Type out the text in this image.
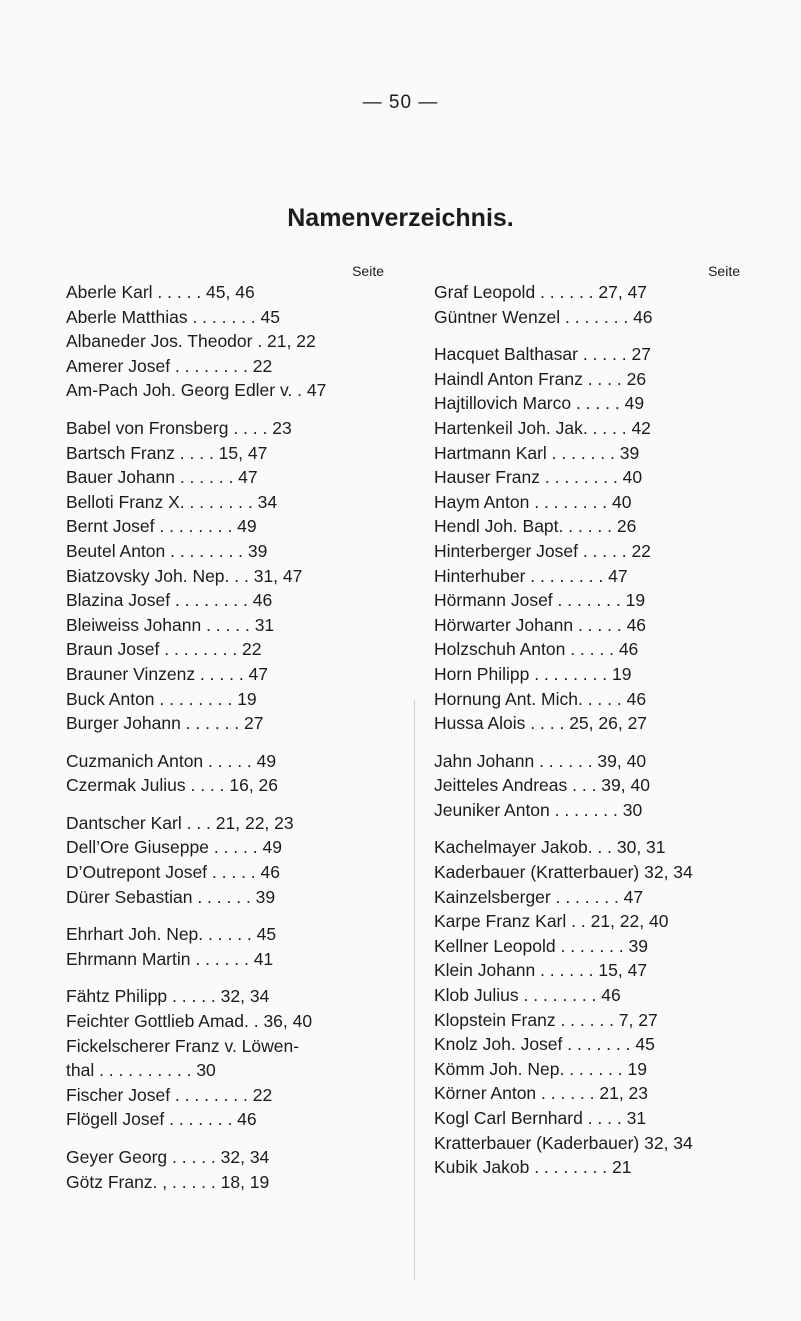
— 50 —
Namenverzeichnis.
Seite
Aberle Karl . . . . . 45, 46
Aberle Matthias . . . . . . . 45
Albaneder Jos. Theodor . 21, 22
Amerer Josef . . . . . . . . 22
Am-Pach Joh. Georg Edler v. . 47
Babel von Fronsberg . . . . 23
Bartsch Franz . . . . 15, 47
Bauer Johann . . . . . . 47
Belloti Franz X. . . . . . . . 34
Bernt Josef . . . . . . . . 49
Beutel Anton . . . . . . . . 39
Biatzovsky Joh. Nep. . . 31, 47
Blazina Josef . . . . . . . . 46
Bleiweiss Johann . . . . . 31
Braun Josef . . . . . . . . 22
Brauner Vinzenz . . . . . 47
Buck Anton . . . . . . . . 19
Burger Johann . . . . . . 27
Cuzmanich Anton . . . . . 49
Czermak Julius . . . . 16, 26
Dantscher Karl . . . 21, 22, 23
Dell’Ore Giuseppe . . . . . 49
D’Outrepont Josef . . . . . 46
Dürer Sebastian . . . . . . 39
Ehrhart Joh. Nep. . . . . . 45
Ehrmann Martin . . . . . . 41
Fähtz Philipp . . . . . 32, 34
Feichter Gottlieb Amad. . 36, 40
Fickelscherer Franz v. Löwen-
thal . . . . . . . . . . 30
Fischer Josef . . . . . . . . 22
Flögell Josef . . . . . . . 46
Geyer Georg . . . . . 32, 34
Götz Franz. , . . . . . 18, 19
Seite
Graf Leopold . . . . . . 27, 47
Güntner Wenzel . . . . . . . 46
Hacquet Balthasar . . . . . 27
Haindl Anton Franz . . . . 26
Hajtillovich Marco . . . . . 49
Hartenkeil Joh. Jak. . . . . 42
Hartmann Karl . . . . . . . 39
Hauser Franz . . . . . . . . 40
Haym Anton . . . . . . . . 40
Hendl Joh. Bapt. . . . . . 26
Hinterberger Josef . . . . . 22
Hinterhuber . . . . . . . . 47
Hörmann Josef . . . . . . . 19
Hörwarter Johann . . . . . 46
Holzschuh Anton . . . . . 46
Horn Philipp . . . . . . . . 19
Hornung Ant. Mich. . . . . 46
Hussa Alois . . . . 25, 26, 27
Jahn Johann . . . . . . 39, 40
Jeitteles Andreas . . . 39, 40
Jeuniker Anton . . . . . . . 30
Kachelmayer Jakob. . . 30, 31
Kaderbauer (Kratterbauer) 32, 34
Kainzelsberger . . . . . . . 47
Karpe Franz Karl . . 21, 22, 40
Kellner Leopold . . . . . . . 39
Klein Johann . . . . . . 15, 47
Klob Julius . . . . . . . . 46
Klopstein Franz . . . . . . 7, 27
Knolz Joh. Josef . . . . . . . 45
Kömm Joh. Nep. . . . . . . 19
Körner Anton . . . . . . 21, 23
Kogl Carl Bernhard . . . . 31
Kratterbauer (Kaderbauer) 32, 34
Kubik Jakob . . . . . . . . 21
